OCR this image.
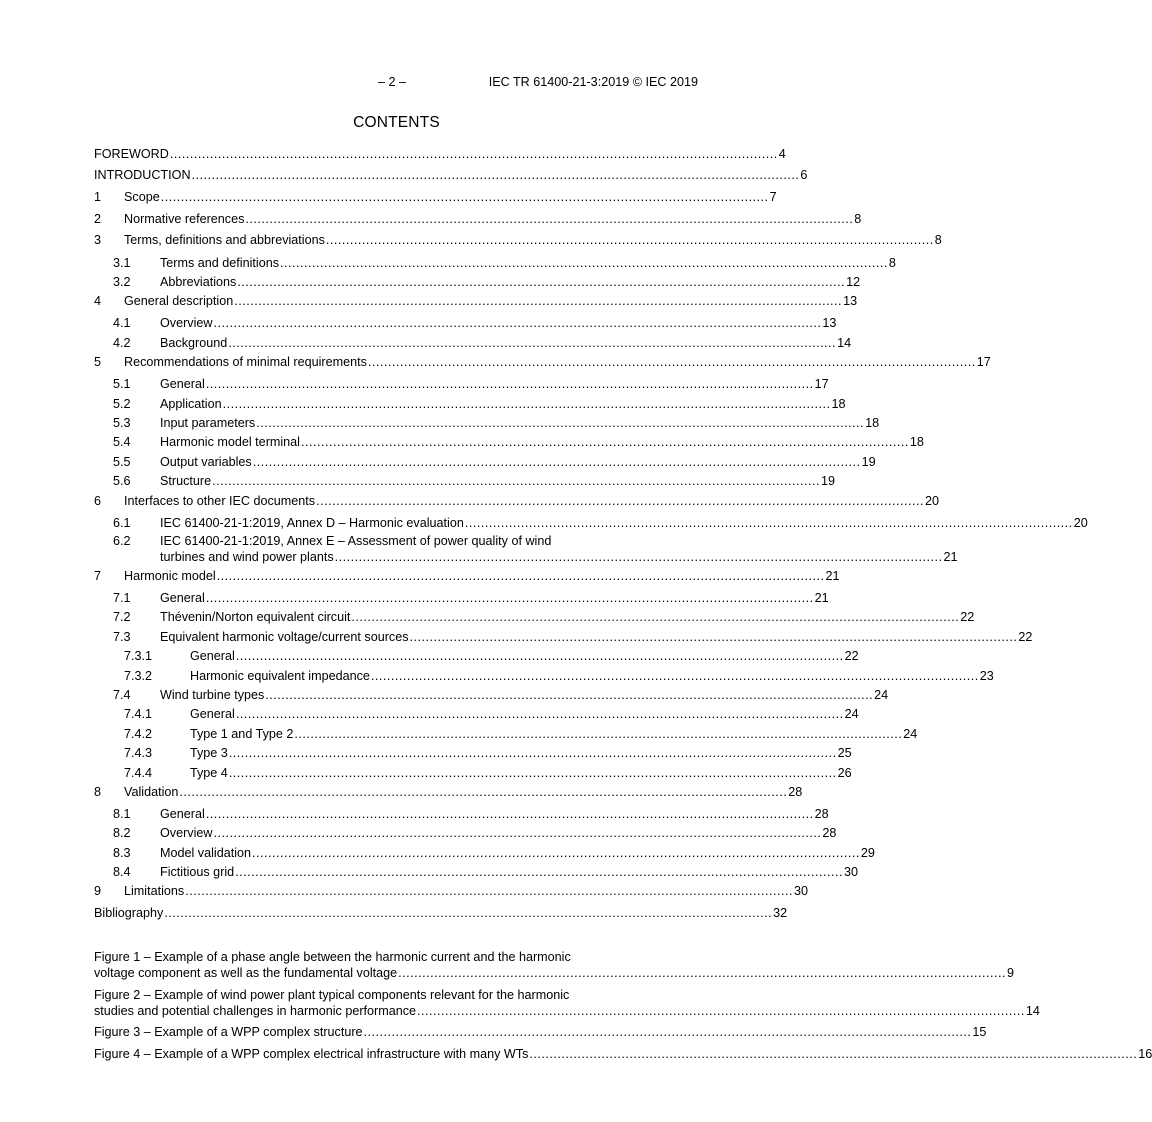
– 2 –	IEC TR 61400-21-3:2019 © IEC 2019
CONTENTS
FOREWORD ........................................................................................................................................................ 4
INTRODUCTION ........................................................................................................................................................ 6
1 Scope ........................................................................................................................................................ 7
2 Normative references ........................................................................................................................................................ 8
3 Terms, definitions and abbreviations ........................................................................................................................................................ 8
3.1 Terms and definitions ........................................................................................................................................................ 8
3.2 Abbreviations ........................................................................................................................................................ 12
4 General description ........................................................................................................................................................ 13
4.1 Overview ........................................................................................................................................................ 13
4.2 Background ........................................................................................................................................................ 14
5 Recommendations of minimal requirements ........................................................................................................................................................ 17
5.1 General ........................................................................................................................................................ 17
5.2 Application ........................................................................................................................................................ 18
5.3 Input parameters ........................................................................................................................................................ 18
5.4 Harmonic model terminal ........................................................................................................................................................ 18
5.5 Output variables ........................................................................................................................................................ 19
5.6 Structure ........................................................................................................................................................ 19
6 Interfaces to other IEC documents ........................................................................................................................................................ 20
6.1 IEC 61400-21-1:2019, Annex D – Harmonic evaluation ........................................................................................................................................................ 20
6.2 IEC 61400-21-1:2019, Annex E – Assessment of power quality of wind
turbines and wind power plants ........................................................................................................................................................ 21
7 Harmonic model ........................................................................................................................................................ 21
7.1 General ........................................................................................................................................................ 21
7.2 Thévenin/Norton equivalent circuit ........................................................................................................................................................ 22
7.3 Equivalent harmonic voltage/current sources ........................................................................................................................................................ 22
7.3.1	General ........................................................................................................................................................ 22
7.3.2	Harmonic equivalent impedance ........................................................................................................................................................ 23
7.4 Wind turbine types ........................................................................................................................................................ 24
7.4.1	General ........................................................................................................................................................ 24
7.4.2	Type 1 and Type 2 ........................................................................................................................................................ 24
7.4.3	Type 3 ........................................................................................................................................................ 25
7.4.4	Type 4 ........................................................................................................................................................ 26
8 Validation ........................................................................................................................................................ 28
8.1 General ........................................................................................................................................................ 28
8.2 Overview ........................................................................................................................................................ 28
8.3 Model validation ........................................................................................................................................................ 29
8.4 Fictitious grid ........................................................................................................................................................ 30
9 Limitations ........................................................................................................................................................ 30
Bibliography ........................................................................................................................................................ 32
Figure 1 – Example of a phase angle between the harmonic current and the harmonic
voltage component as well as the fundamental voltage ........................................................................................................................................................ 9
Figure 2 – Example of wind power plant typical components relevant for the harmonic
studies and potential challenges in harmonic performance ........................................................................................................................................................ 14
Figure 3 – Example of a WPP complex structure ........................................................................................................................................................ 15
Figure 4 – Example of a WPP complex electrical infrastructure with many WTs ........................................................................................................................................................ 16
